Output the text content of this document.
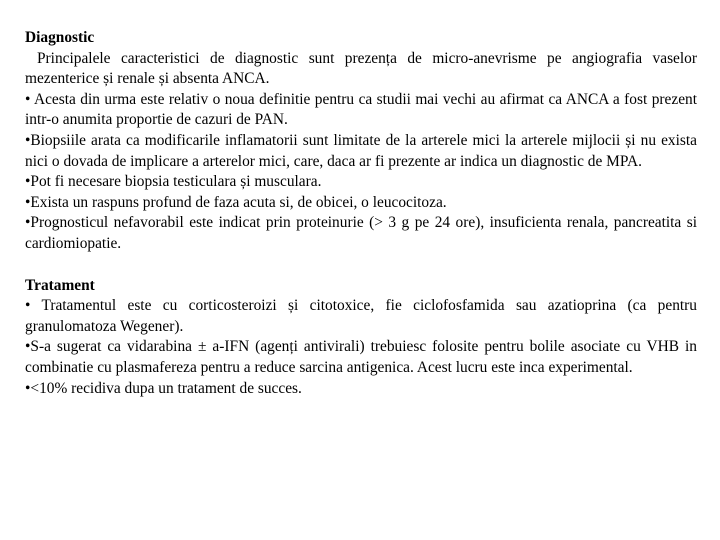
Diagnostic

Principalele caracteristici de diagnostic sunt prezența de micro-anevrisme pe angiografia vaselor mezenterice și renale și absenta ANCA.

• Acesta din urma este relativ o noua definitie pentru ca studii mai vechi au afirmat ca ANCA a fost prezent intr-o anumita proportie de cazuri de PAN.

•Biopsiile arata ca modificarile inflamatorii sunt limitate de la arterele mici la arterele mijlocii și nu exista nici o dovada de implicare a arterelor mici, care, daca ar fi prezente ar indica un diagnostic de MPA.

•Pot fi necesare biopsia testiculara și musculara.

•Exista un raspuns profund de faza acuta si, de obicei, o leucocitoza.

•Prognosticul nefavorabil este indicat prin proteinurie (> 3 g pe 24 ore), insuficienta renala, pancreatita si cardiomiopatie.

Tratament

• Tratamentul este cu corticosteroizi și citotoxice, fie ciclofosfamida sau azatioprina (ca pentru granulomatoza Wegener).

•S-a sugerat ca vidarabina ± a-IFN (agenți antivirali) trebuiesc folosite pentru bolile asociate cu VHB in combinatie cu plasmafereza pentru a reduce sarcina antigenica. Acest lucru este inca experimental.

•<10% recidiva dupa un tratament de succes.
